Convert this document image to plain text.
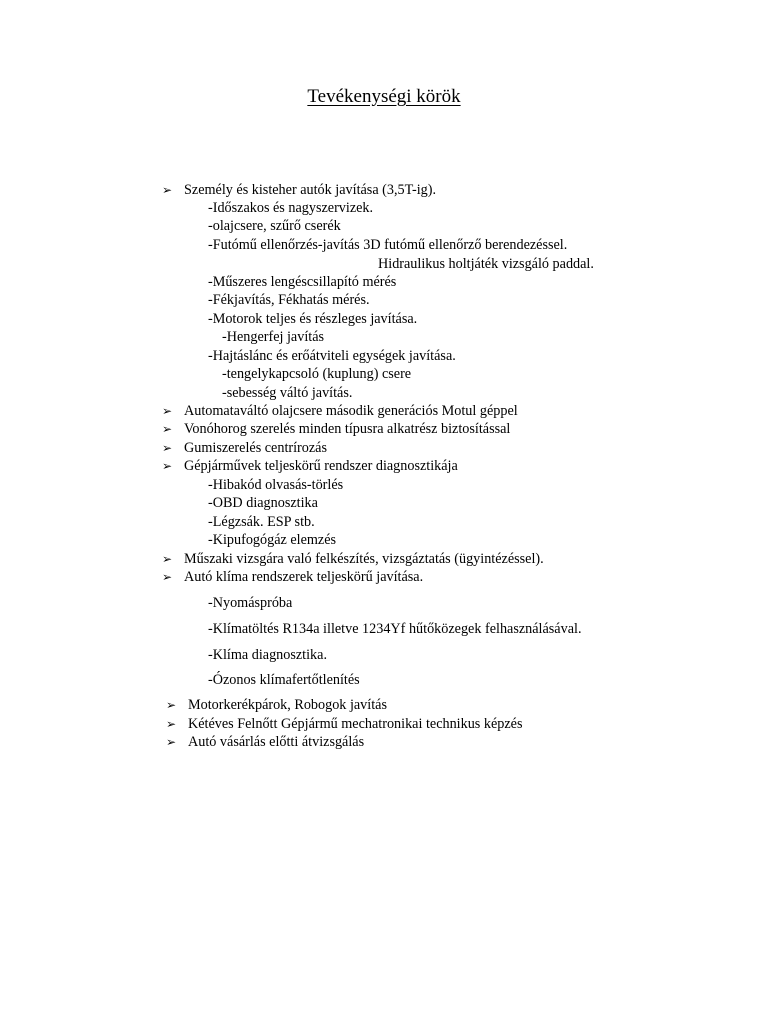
Tevékenységi körök
➢ Személy és kisteher autók javítása (3,5T-ig).
-Időszakos és nagyszervizek.
-olajcsere, szűrő cserék
-Futómű ellenőrzés-javítás 3D futómű ellenőrző berendezéssel.
Hidraulikus holtjáték vizsgáló paddal.
-Műszeres lengéscsillapító mérés
-Fékjavítás, Fékhatás mérés.
-Motorok teljes és részleges javítása.
-Hengerfej javítás
-Hajtáslánc és erőátviteli egységek javítása.
-tengelykapcsoló (kuplung) csere
-sebesség váltó javítás.
➢ Automataváltó olajcsere második generációs Motul géppel
➢ Vonóhorog szerelés minden típusra alkatrész biztosítással
➢ Gumiszerelés centrírozás
➢ Gépjárművek teljeskörű rendszer diagnosztikája
-Hibakód olvasás-törlés
-OBD diagnosztika
-Légzsák. ESP stb.
-Kipufogógáz elemzés
➢ Műszaki vizsgára való felkészítés, vizsgáztatás (ügyintézéssel).
➢ Autó klíma rendszerek teljeskörű javítása.
-Nyomáspróba
-Klímatöltés R134a illetve 1234Yf hűtőközegek felhasználásával.
-Klíma diagnosztika.
-Ózonos klímafertőtlenítés
➢ Motorkerékpárok, Robogok javítás
➢ Kétéves Felnőtt Gépjármű mechatronikai technikus képzés
➢ Autó vásárlás előtti átvizsgálás
